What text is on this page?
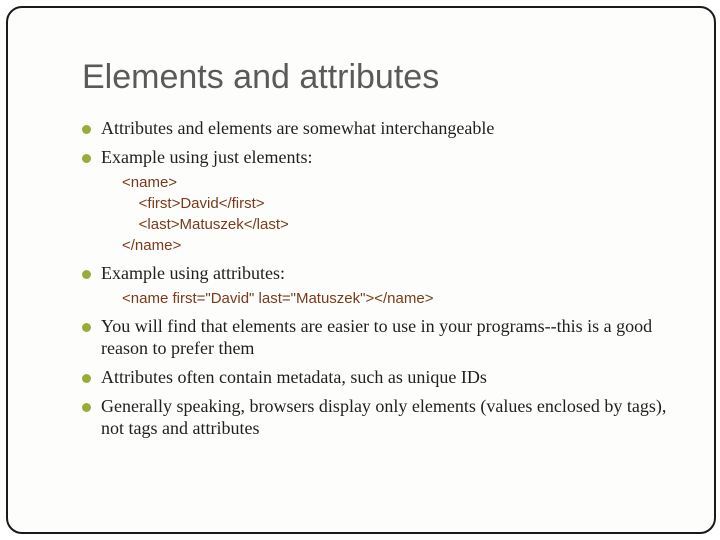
Elements and attributes
Attributes and elements are somewhat interchangeable
Example using just elements:
<name>
<first>David</first>
<last>Matuszek</last>
</name>
Example using attributes:
<name first="David" last="Matuszek"></name>
You will find that elements are easier to use in your programs--this is a good reason to prefer them
Attributes often contain metadata, such as unique IDs
Generally speaking, browsers display only elements (values enclosed by tags), not tags and attributes
